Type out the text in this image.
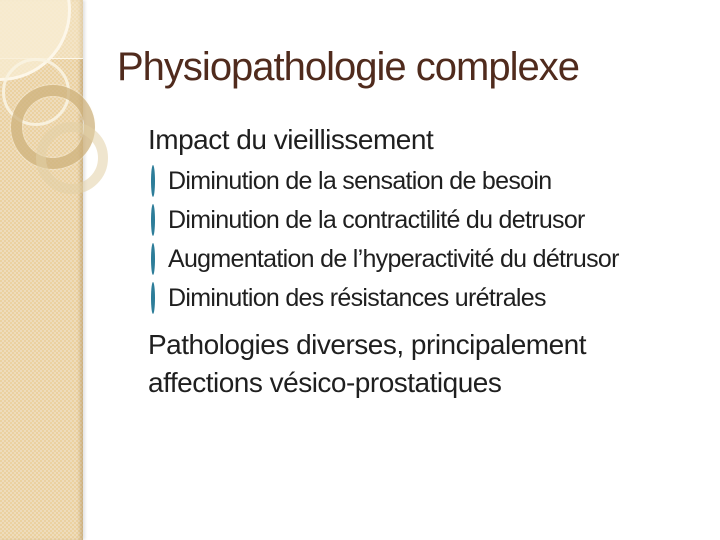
Physiopathologie complexe
Impact du vieillissement
Diminution de la sensation de besoin
Diminution de la contractilité du detrusor
Augmentation de l’hyperactivité du détrusor
Diminution des résistances urétrales
Pathologies diverses, principalement affections vésico-prostatiques
